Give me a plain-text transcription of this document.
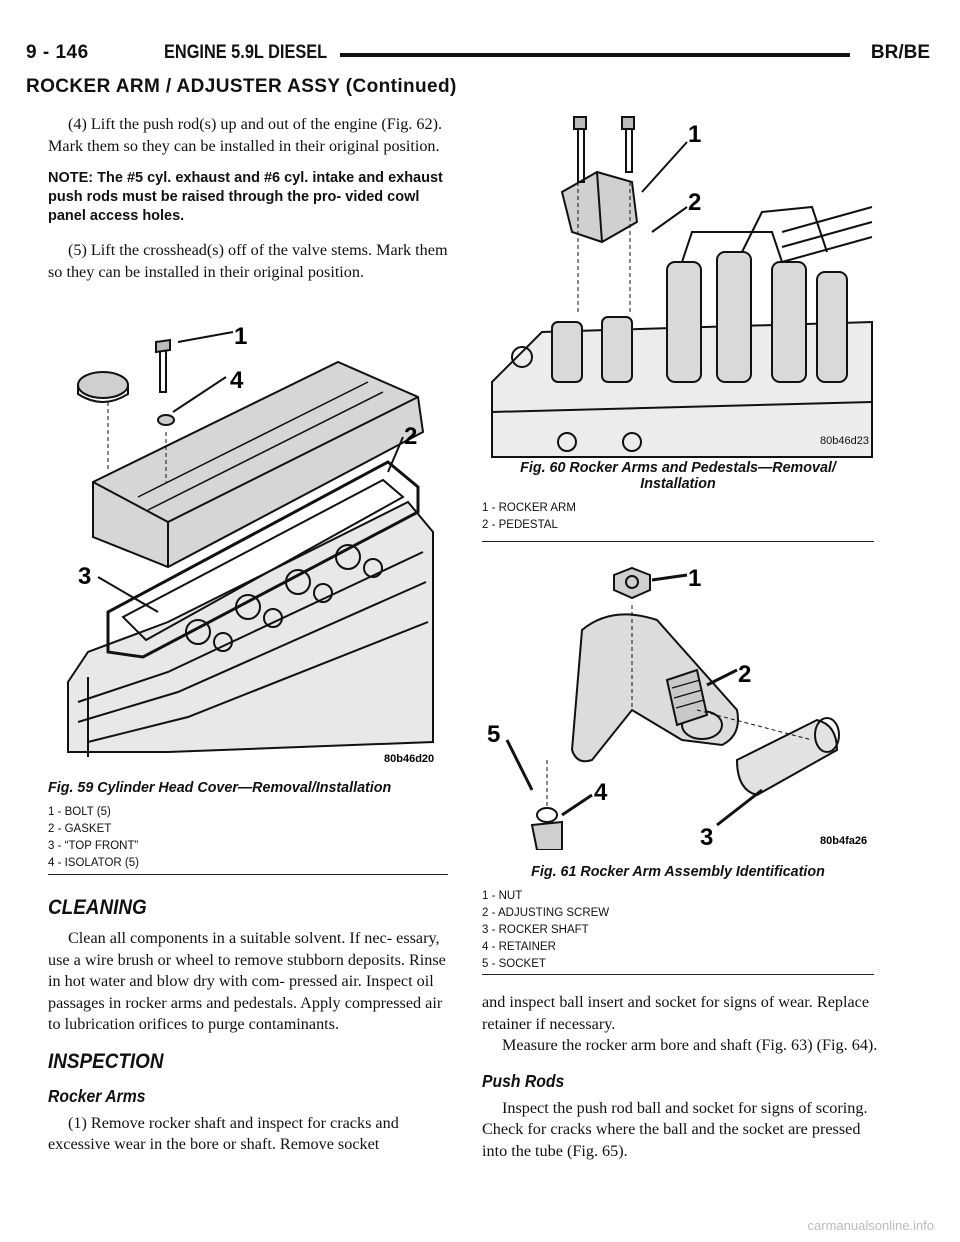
9 - 146	ENGINE 5.9L DIESEL	BR/BE
ROCKER ARM / ADJUSTER ASSY (Continued)

(4) Lift the push rod(s) up and out of the engine (Fig. 62). Mark them so they can be installed in their original position.

NOTE: The #5 cyl. exhaust and #6 cyl. intake and exhaust push rods must be raised through the pro- vided cowl panel access holes.

(5) Lift the crosshead(s) off of the valve stems. Mark them so they can be installed in their original position.

1
4
2
3
80b46d20
Fig. 59 Cylinder Head Cover—Removal/Installation
1 - BOLT (5)
2 - GASKET
3 - “TOP FRONT”
4 - ISOLATOR (5)
CLEANING

Clean all components in a suitable solvent. If nec- essary, use a wire brush or wheel to remove stubborn deposits. Rinse in hot water and blow dry with com- pressed air. Inspect oil passages in rocker arms and pedestals. Apply compressed air to lubrication orifices to purge contaminants.

INSPECTION
Rocker Arms

(1) Remove rocker shaft and inspect for cracks and excessive wear in the bore or shaft. Remove socket

1
2
80b46d23
Fig. 60 Rocker Arms and Pedestals—Removal/ Installation
1 - ROCKER ARM
2 - PEDESTAL
1
2
3
4
5
80b4fa26
Fig. 61 Rocker Arm Assembly Identification
1 - NUT
2 - ADJUSTING SCREW
3 - ROCKER SHAFT
4 - RETAINER
5 - SOCKET

and inspect ball insert and socket for signs of wear. Replace retainer if necessary.

Measure the rocker arm bore and shaft (Fig. 63) (Fig. 64).

Push Rods

Inspect the push rod ball and socket for signs of scoring. Check for cracks where the ball and the socket are pressed into the tube (Fig. 65).

carmanualsonline.info
